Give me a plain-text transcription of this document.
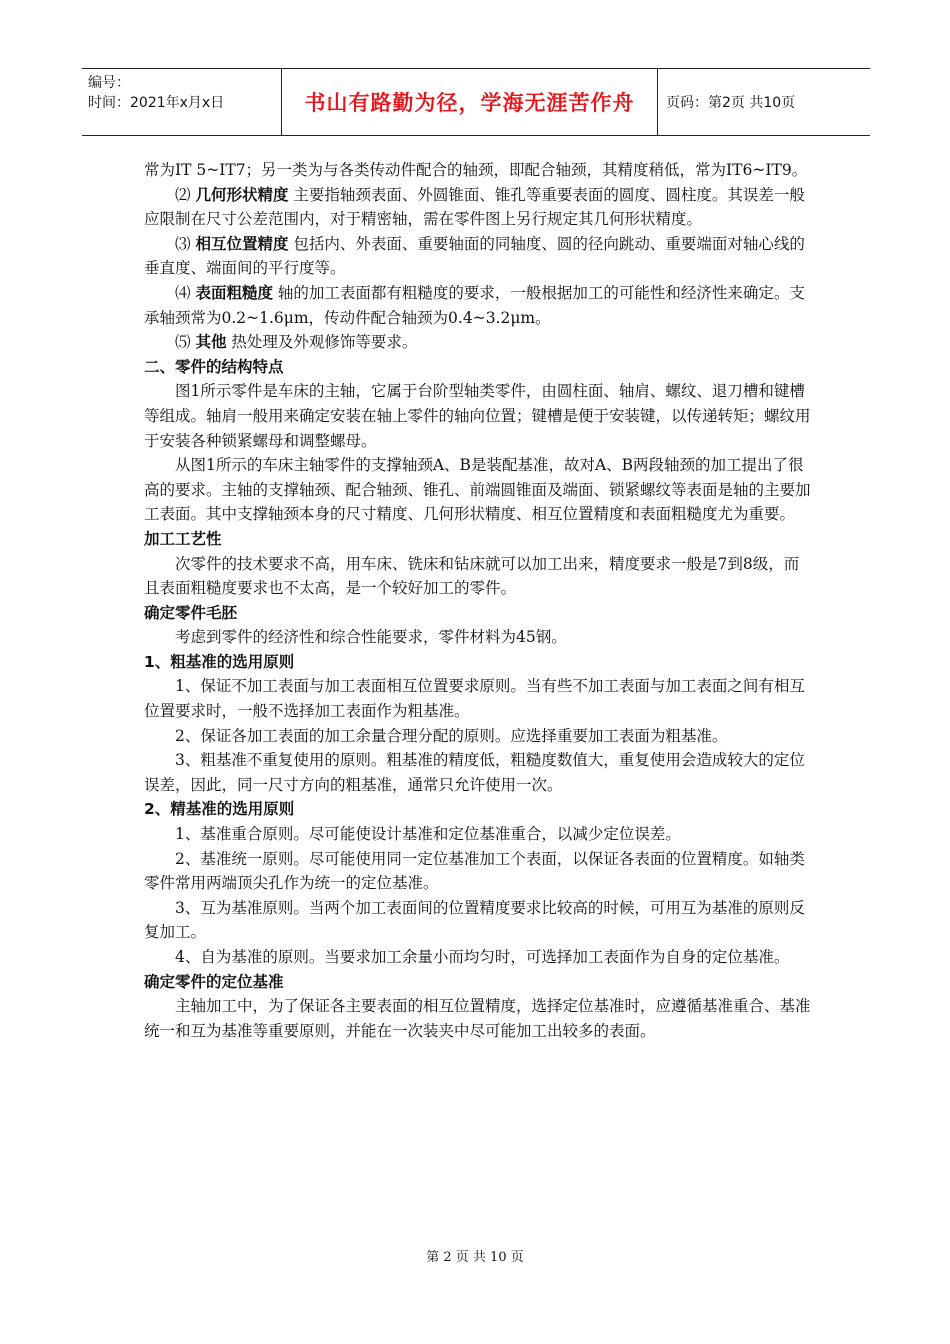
编号：
时间：2021年x月x日	书山有路勤为径，学海无涯苦作舟	页码：第2页 共10页

常为IT 5~IT7；另一类为与各类传动件配合的轴颈，即配合轴颈，其精度稍低，常为IT6~IT9。

⑵ 几何形状精度 主要指轴颈表面、外圆锥面、锥孔等重要表面的圆度、圆柱度。其误差一般应限制在尺寸公差范围内，对于精密轴，需在零件图上另行规定其几何形状精度。

⑶ 相互位置精度 包括内、外表面、重要轴面的同轴度、圆的径向跳动、重要端面对轴心线的垂直度、端面间的平行度等。

⑷ 表面粗糙度 轴的加工表面都有粗糙度的要求，一般根据加工的可能性和经济性来确定。支承轴颈常为0.2~1.6μm，传动件配合轴颈为0.4~3.2μm。

⑸ 其他 热处理及外观修饰等要求。

二、零件的结构特点

图1所示零件是车床的主轴，它属于台阶型轴类零件，由圆柱面、轴肩、螺纹、退刀槽和键槽等组成。轴肩一般用来确定安装在轴上零件的轴向位置；键槽是便于安装键，以传递转矩；螺纹用于安装各种锁紧螺母和调整螺母。

从图1所示的车床主轴零件的支撑轴颈A、B是装配基准，故对A、B两段轴颈的加工提出了很高的要求。主轴的支撑轴颈、配合轴颈、锥孔、前端圆锥面及端面、锁紧螺纹等表面是轴的主要加工表面。其中支撑轴颈本身的尺寸精度、几何形状精度、相互位置精度和表面粗糙度尤为重要。

加工工艺性

次零件的技术要求不高，用车床、铣床和钻床就可以加工出来，精度要求一般是7到8级，而且表面粗糙度要求也不太高，是一个较好加工的零件。

确定零件毛胚

考虑到零件的经济性和综合性能要求，零件材料为45钢。

1、粗基准的选用原则

1、保证不加工表面与加工表面相互位置要求原则。当有些不加工表面与加工表面之间有相互位置要求时，一般不选择加工表面作为粗基准。

2、保证各加工表面的加工余量合理分配的原则。应选择重要加工表面为粗基准。

3、粗基准不重复使用的原则。粗基准的精度低，粗糙度数值大，重复使用会造成较大的定位误差，因此，同一尺寸方向的粗基准，通常只允许使用一次。

2、精基准的选用原则

1、基准重合原则。尽可能使设计基准和定位基准重合，以减少定位误差。

2、基准统一原则。尽可能使用同一定位基准加工个表面，以保证各表面的位置精度。如轴类零件常用两端顶尖孔作为统一的定位基准。

3、互为基准原则。当两个加工表面间的位置精度要求比较高的时候，可用互为基准的原则反复加工。

4、自为基准的原则。当要求加工余量小而均匀时，可选择加工表面作为自身的定位基准。

确定零件的定位基准

主轴加工中，为了保证各主要表面的相互位置精度，选择定位基准时，应遵循基准重合、基准统一和互为基准等重要原则，并能在一次装夹中尽可能加工出较多的表面。

第 2 页 共 10 页
